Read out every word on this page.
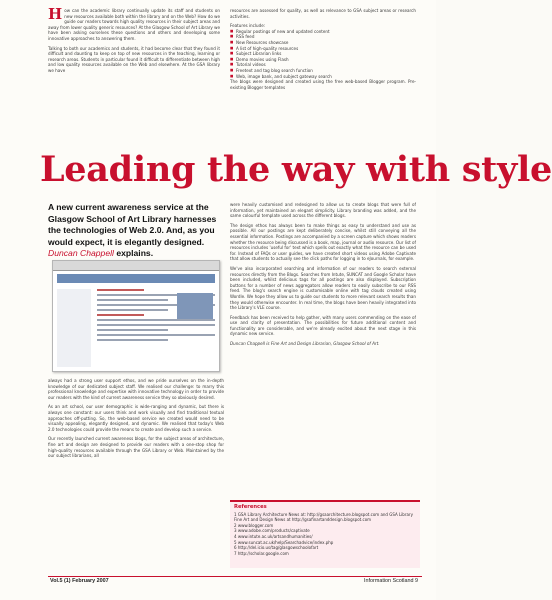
How can the academic library continually update its staff and students on new resources available both within the library and on the Web? How do we guide our readers towards high quality resources in their subject areas and away from lower quality generic resources? At the Glasgow School of Art Library we have been asking ourselves these questions and others and developing some innovative approaches to answering them.

Talking to both our academics and students, it had become clear that they found it difficult and daunting to keep on top of new resources in the teaching, learning or research areas. Students in particular found it difficult to differentiate between high and low quality resources available on the Web and elsewhere. At the GSA library we have

resources are assessed for quality, as well as relevance to GSA subject areas or research activities.

Features include:
■ Regular postings of new and updated content
■ RSS feed
■ New Resources showcase
■ A list of high-quality resources
■ Subject Librarian links
■ Demo movies using Flash
■ Tutorial videos
■ Freetext and tag blog search function
■ Web, image bank, and subject gateway search

The blogs were designed and created using the free web-based Blogger program. Pre-existing Blogger templates

Leading the way with style
A new current awareness service at the Glasgow School of Art Library harnesses the technologies of Web 2.0. And, as you would expect, it is elegantly designed. Duncan Chappell explains.

always had a strong user support ethos, and we pride ourselves on the in-depth knowledge of our dedicated subject staff. We realised our challenge: to marry this professional knowledge and expertise with innovative technology in order to provide our readers with the kind of current awareness service they so obviously desired.

As an art school, our user demographic is wide-ranging and dynamic, but there is always one constant: our users think and work visually and find traditional textual approaches off-putting. So, the web-based service we created would need to be visually appealing, elegantly designed, and dynamic. We realised that today's Web 2.0 technologies could provide the means to create and develop such a service.

Our recently launched current awareness blogs, for the subject areas of architecture, fine art and design are designed to provide our readers with a one-stop shop for high-quality resources available through the GSA Library or Web. Maintained by the our subject librarians, all

were heavily customised and redesigned to allow us to create blogs that were full of information, yet maintained an elegant simplicity. Library branding was added, and the same colourful template used across the different blogs.

The design ethos has always been to make things as easy to understand and use as possible. All our postings are kept deliberately concise, whilst still conveying all the essential information. Postings are accompanied by a screen capture which shows readers whether the resource being discussed is a book, map, journal or audio resource. Our list of resources includes 'useful for' text which spells out exactly what the resource can be used for. Instead of FAQs or user guides, we have created short videos using Adobe Captivate that allow students to actually see the click paths for logging in to eJournals, for example.

We've also incorporated searching and information of our readers to search external resources directly from the Blogs. Searches from Intute, SUNCAT and Google Scholar have been included, whilst delicious tags for all postings are also displayed. Subscription buttons for a number of news aggregators allow readers to easily subscribe to our RSS feed. The blog's search engine is customisable online with tag clouds created using Wordle. We hope they allow us to guide our students to more relevant search results than they would otherwise encounter. In real time, the blogs have been heavily integrated into the Library's VLE course.

Feedback has been received to help gather, with many users commending on the ease of use and clarity of presentation. The possibilities for future additional content and functionality are considerable, and we're already excited about the next stage in this dynamic new service.

Duncan Chappell is Fine Art and Design Librarian, Glasgow School of Art.

References
1 GSA Library Architecture News at: http://gsaarchitecture.blogspot.com and GSA Library Fine Art and Design News at http://gsafinartanddesign.blogspot.com
2 www.blogger.com
3 www.adobe.com/products/captivate
4 www.intute.ac.uk/artsandhumanities/
5 www.suncat.ac.uk/help/Searchadvice/index.php
6 http://del.icio.us/tag/glasgowschoolofart
7 http://scholar.google.com
Vol.5 (1) February 2007	Information Scotland 9
